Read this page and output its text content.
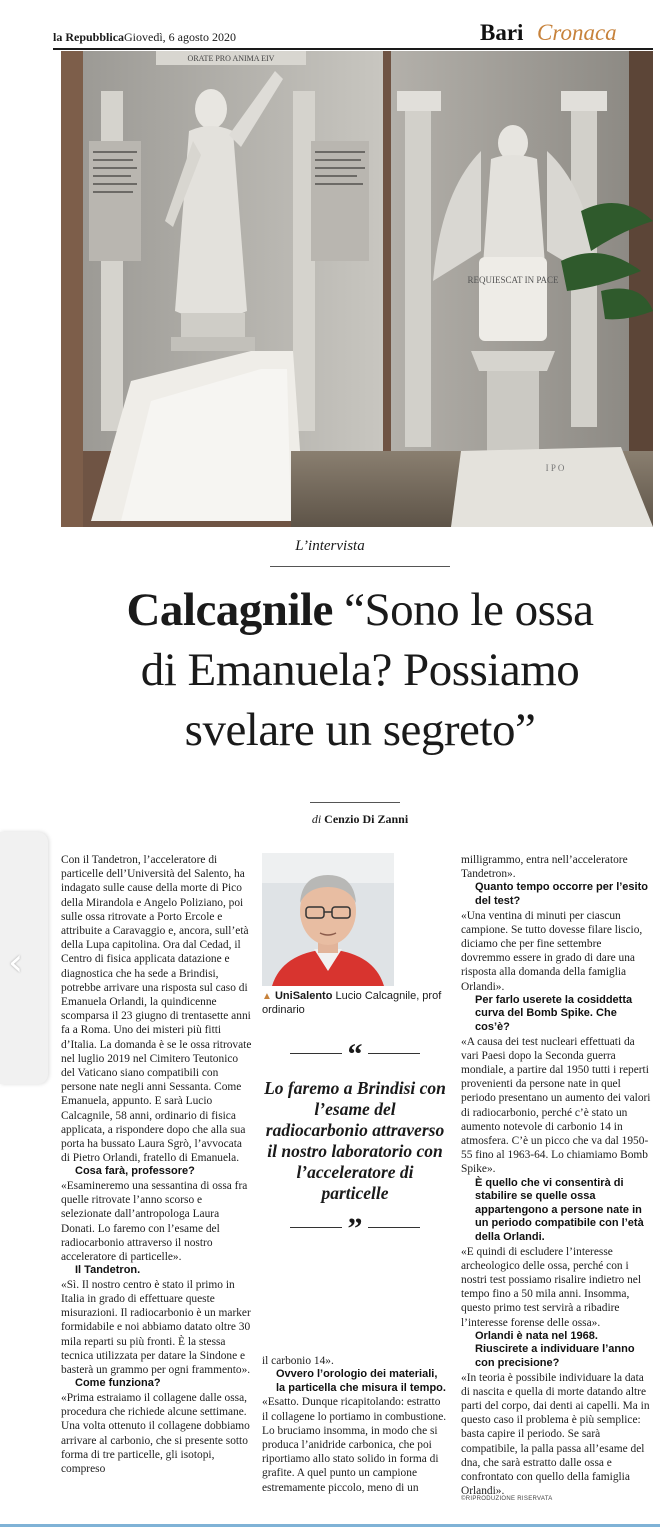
la Repubblica Giovedì, 6 agosto 2020	Bari Cronaca
ORATE PRO ANIMA EIV
REQUIESCAT IN PACE
I P O
L’intervista
Calcagnile “Sono le ossa
di Emanuela? Possiamo
svelare un segreto”
di Cenzio Di Zanni

Con il Tandetron, l’acceleratore di particelle dell’Università del Salento, ha indagato sulle cause della morte di Pico della Mirandola e Angelo Poliziano, poi sulle ossa ritrovate a Porto Ercole e attribuite a Caravaggio e, ancora, sull’età della Lupa capitolina. Ora dal Cedad, il Centro di fisica applicata datazione e diagnostica che ha sede a Brindisi, potrebbe arrivare una risposta sul caso di Emanuela Orlandi, la quindicenne scomparsa il 23 giugno di trentasette anni fa a Roma. Uno dei misteri più fitti d’Italia. La domanda è se le ossa ritrovate nel luglio 2019 nel Cimitero Teutonico del Vaticano siano compatibili con persone nate negli anni Sessanta. Come Emanuela, appunto. E sarà Lucio Calcagnile, 58 anni, ordinario di fisica applicata, a rispondere dopo che alla sua porta ha bussato Laura Sgrò, l’avvocata di Pietro Orlandi, fratello di Emanuela.

Cosa farà, professore?

«Esamineremo una sessantina di ossa fra quelle ritrovate l’anno scorso e selezionate dall’antropologa Laura Donati. Lo faremo con l’esame del radiocarbonio attraverso il nostro acceleratore di particelle».

Il Tandetron.

«Sì. Il nostro centro è stato il primo in Italia in grado di effettuare queste misurazioni. Il radiocarbonio è un marker formidabile e noi abbiamo datato oltre 30 mila reparti su più fronti. È la stessa tecnica utilizzata per datare la Sindone e basterà un grammo per ogni frammento».

Come funziona?

«Prima estraiamo il collagene dalle ossa, procedura che richiede alcune settimane. Una volta ottenuto il collagene dobbiamo arrivare al carbonio, che si presente sotto forma di tre particelle, gli isotopi, compreso

▲ UniSalento Lucio Calcagnile, prof ordinario
“

Lo faremo a Brindisi con l’esame del radiocarbonio attraverso il nostro laboratorio con l’acceleratore di particelle

”

il carbonio 14».

Ovvero l’orologio dei materiali, la particella che misura il tempo.

«Esatto. Dunque ricapitolando: estratto il collagene lo portiamo in combustione. Lo bruciamo insomma, in modo che si produca l’anidride carbonica, che poi riportiamo allo stato solido in forma di grafite. A quel punto un campione estremamente piccolo, meno di un

milligrammo, entra nell’acceleratore Tandetron».

Quanto tempo occorre per l’esito del test?

«Una ventina di minuti per ciascun campione. Se tutto dovesse filare liscio, diciamo che per fine settembre dovremmo essere in grado di dare una risposta alla domanda della famiglia Orlandi».

Per farlo userete la cosiddetta curva del Bomb Spike. Che cos’è?

«A causa dei test nucleari effettuati da vari Paesi dopo la Seconda guerra mondiale, a partire dal 1950 tutti i reperti provenienti da persone nate in quel periodo presentano un aumento dei valori di radiocarbonio, perché c’è stato un aumento notevole di carbonio 14 in atmosfera. C’è un picco che va dal 1950-55 fino al 1963-64. Lo chiamiamo Bomb Spike».

È quello che vi consentirà di stabilire se quelle ossa appartengono a persone nate in un periodo compatibile con l’età della Orlandi.

«E quindi di escludere l’interesse archeologico delle ossa, perché con i nostri test possiamo risalire indietro nel tempo fino a 50 mila anni. Insomma, questo primo test servirà a ribadire l’interesse forense delle ossa».

Orlandi è nata nel 1968. Riuscirete a individuare l’anno con precisione?

«In teoria è possibile individuare la data di nascita e quella di morte datando altre parti del corpo, dai denti ai capelli. Ma in questo caso il problema è più semplice: basta capire il periodo. Se sarà compatibile, la palla passa all’esame del dna, che sarà estratto dalle ossa e confrontato con quello della famiglia Orlandi».

©RIPRODUZIONE RISERVATA
‹
